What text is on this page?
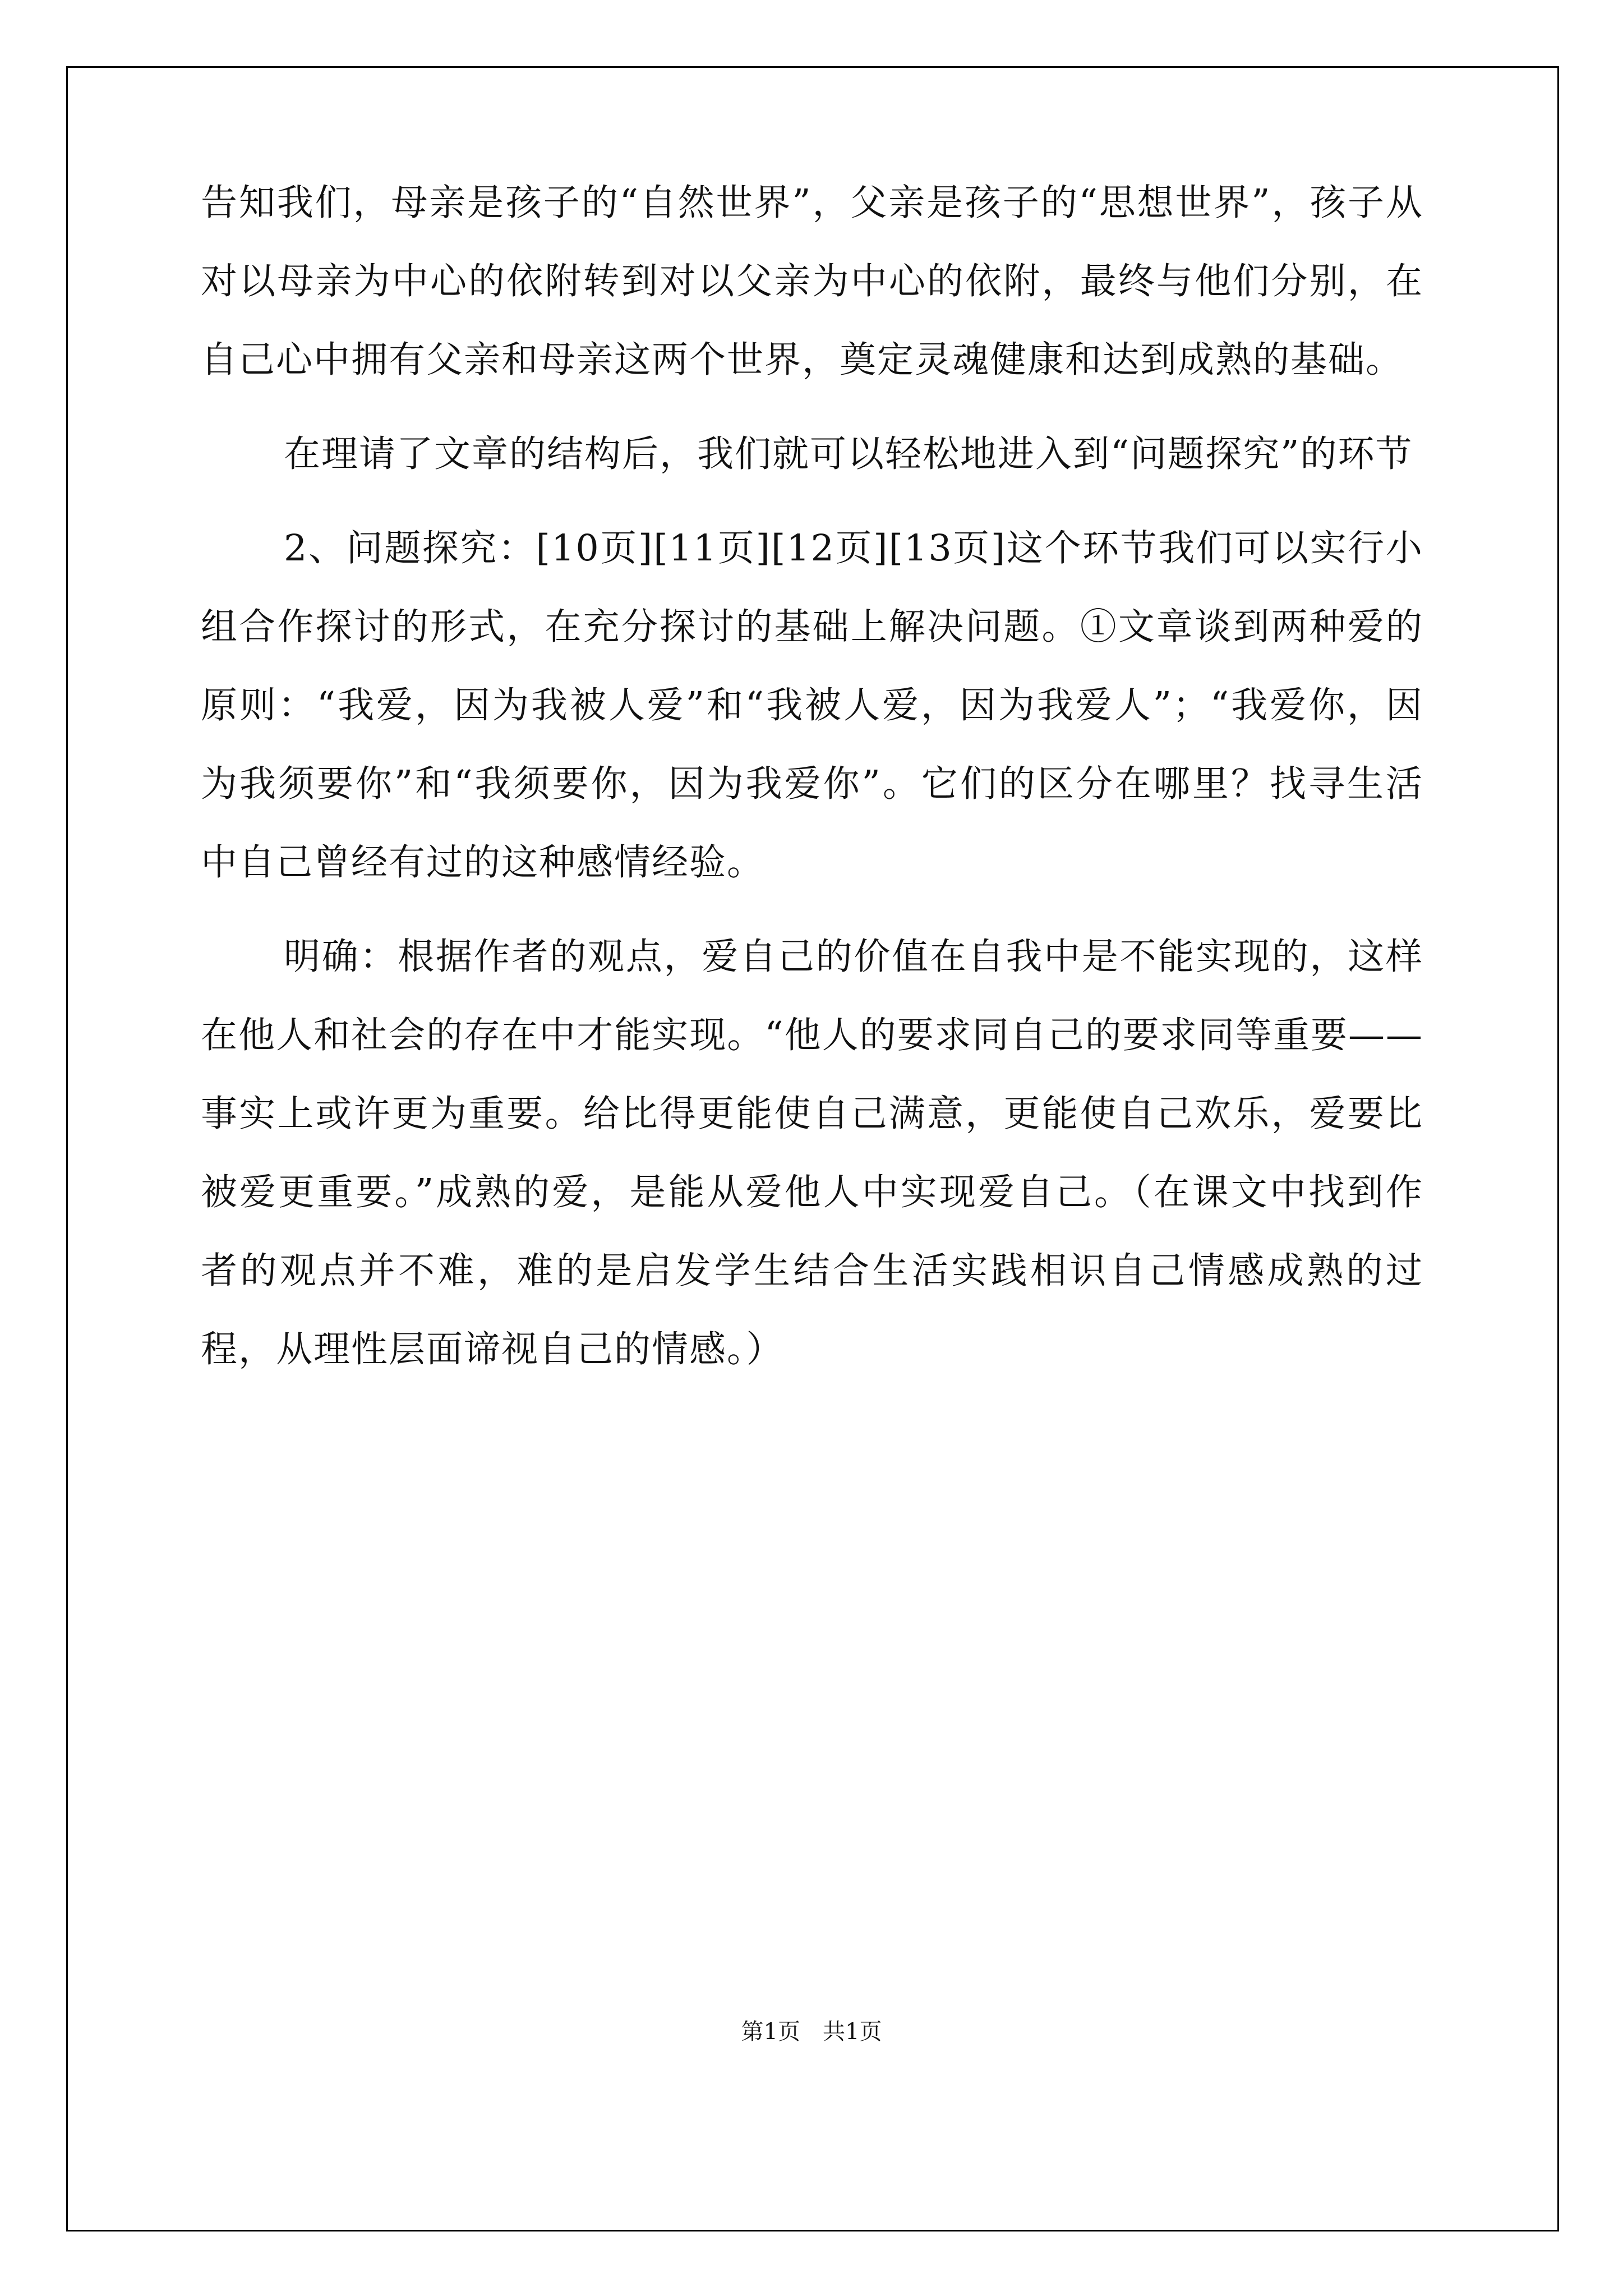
告知我们，母亲是孩子的“自然世界”，父亲是孩子的“思想世界”，孩子从对以母亲为中心的依附转到对以父亲为中心的依附，最终与他们分别，在自己心中拥有父亲和母亲这两个世界，奠定灵魂健康和达到成熟的基础。

在理请了文章的结构后，我们就可以轻松地进入到“问题探究”的环节

2、问题探究：[10页][11页][12页][13页]这个环节我们可以实行小组合作探讨的形式，在充分探讨的基础上解决问题。①文章谈到两种爱的原则：“我爱，因为我被人爱”和“我被人爱，因为我爱人”；“我爱你，因为我须要你”和“我须要你，因为我爱你”。它们的区分在哪里？找寻生活中自己曾经有过的这种感情经验。

明确：根据作者的观点，爱自己的价值在自我中是不能实现的，这样在他人和社会的存在中才能实现。“他人的要求同自己的要求同等重要——事实上或许更为重要。给比得更能使自己满意，更能使自己欢乐，爱要比被爱更重要。”成熟的爱，是能从爱他人中实现爱自己。（在课文中找到作者的观点并不难，难的是启发学生结合生活实践相识自己情感成熟的过程，从理性层面谛视自己的情感。）

第1页 共1页
